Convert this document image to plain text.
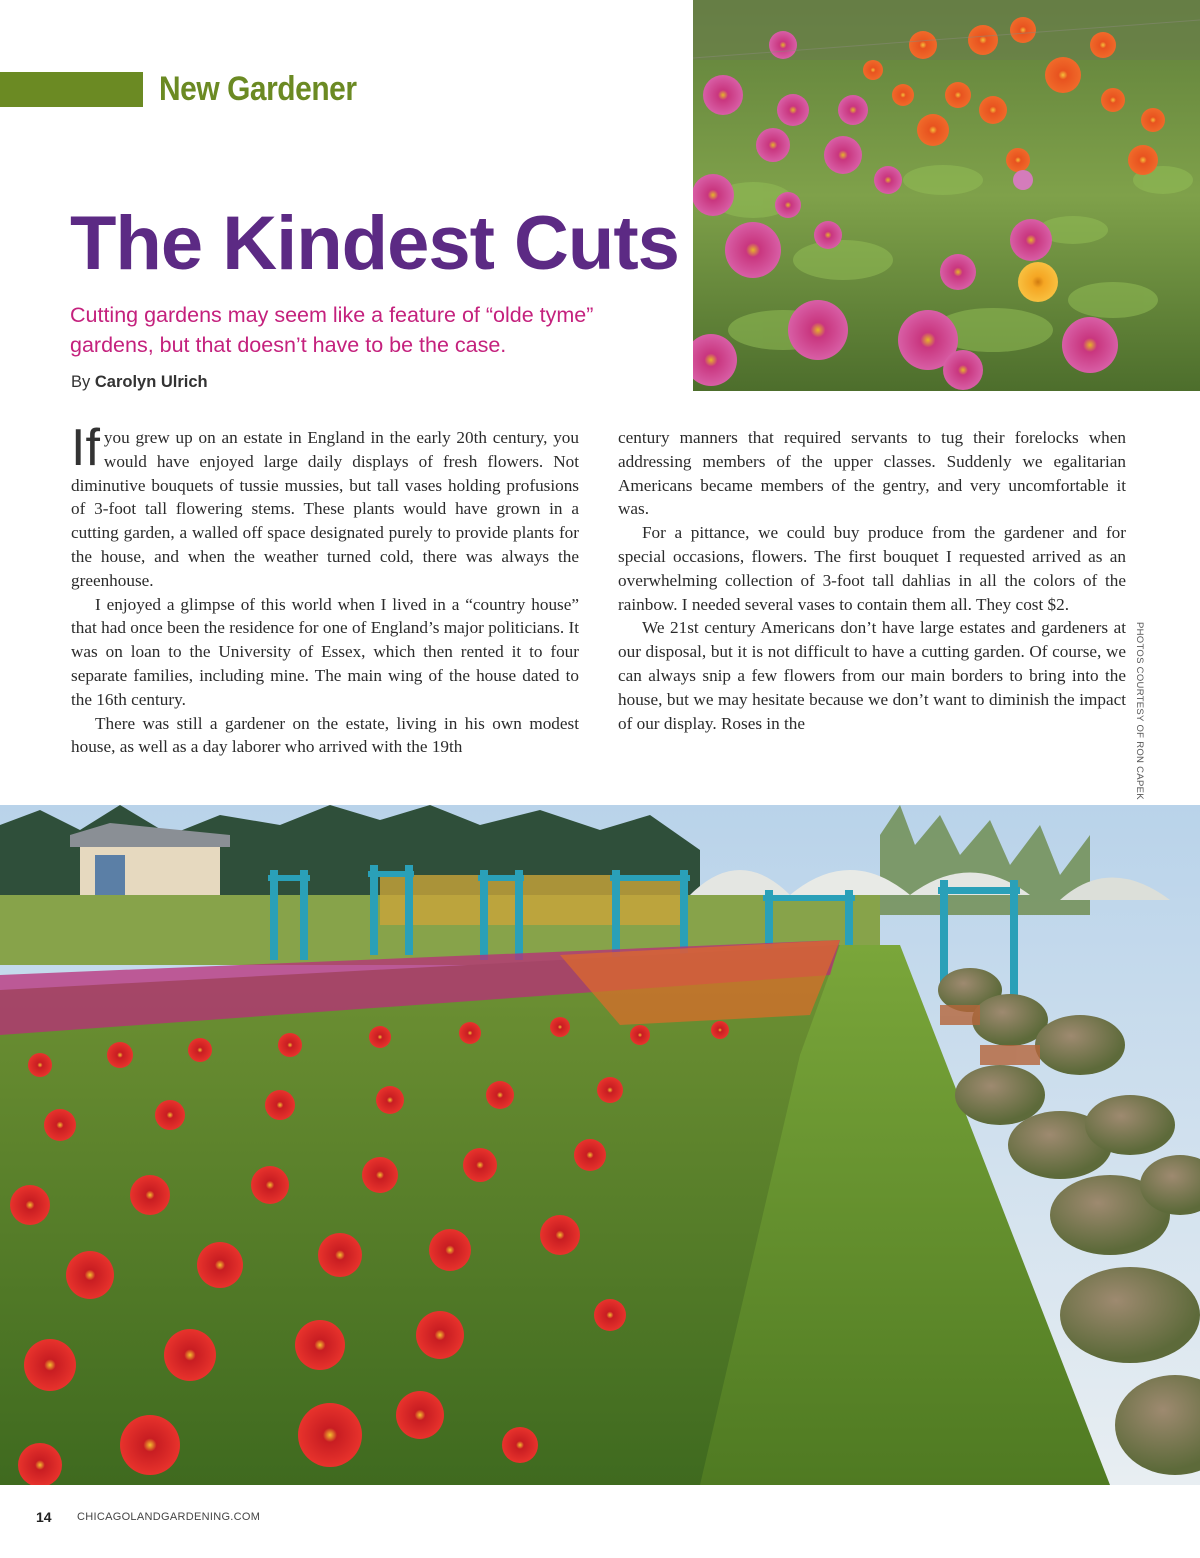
New Gardener
The Kindest Cuts
Cutting gardens may seem like a feature of “olde tyme”
gardens, but that doesn’t have to be the case.
By Carolyn Ulrich

If you grew up on an estate in England in the early 20th century, you would have enjoyed large daily displays of fresh flowers. Not diminutive bouquets of tussie mussies, but tall vases holding profusions of 3-foot tall flowering stems. These plants would have grown in a cutting garden, a walled off space designated purely to provide plants for the house, and when the weather turned cold, there was always the greenhouse.

I enjoyed a glimpse of this world when I lived in a “country house” that had once been the residence for one of England’s major politicians. It was on loan to the University of Essex, which then rented it to four separate families, including mine. The main wing of the house dated to the 16th century.

There was still a gardener on the estate, living in his own modest house, as well as a day laborer who arrived with the 19th

century manners that required servants to tug their forelocks when addressing members of the upper classes. Suddenly we egalitarian Americans became members of the gentry, and very uncomfortable it was.

For a pittance, we could buy produce from the gardener and for special occasions, flowers. The first bouquet I requested arrived as an overwhelming collection of 3-foot tall dahlias in all the colors of the rainbow. I needed several vases to contain them all. They cost $2.

We 21st century Americans don’t have large estates and gardeners at our disposal, but it is not difficult to have a cutting garden. Of course, we can always snip a few flowers from our main borders to bring into the house, but we may hesitate because we don’t want to diminish the impact of our display. Roses in the	PHOTOS COURTESY OF RON CAPEK
14 CHICAGOLANDGARDENING.COM
